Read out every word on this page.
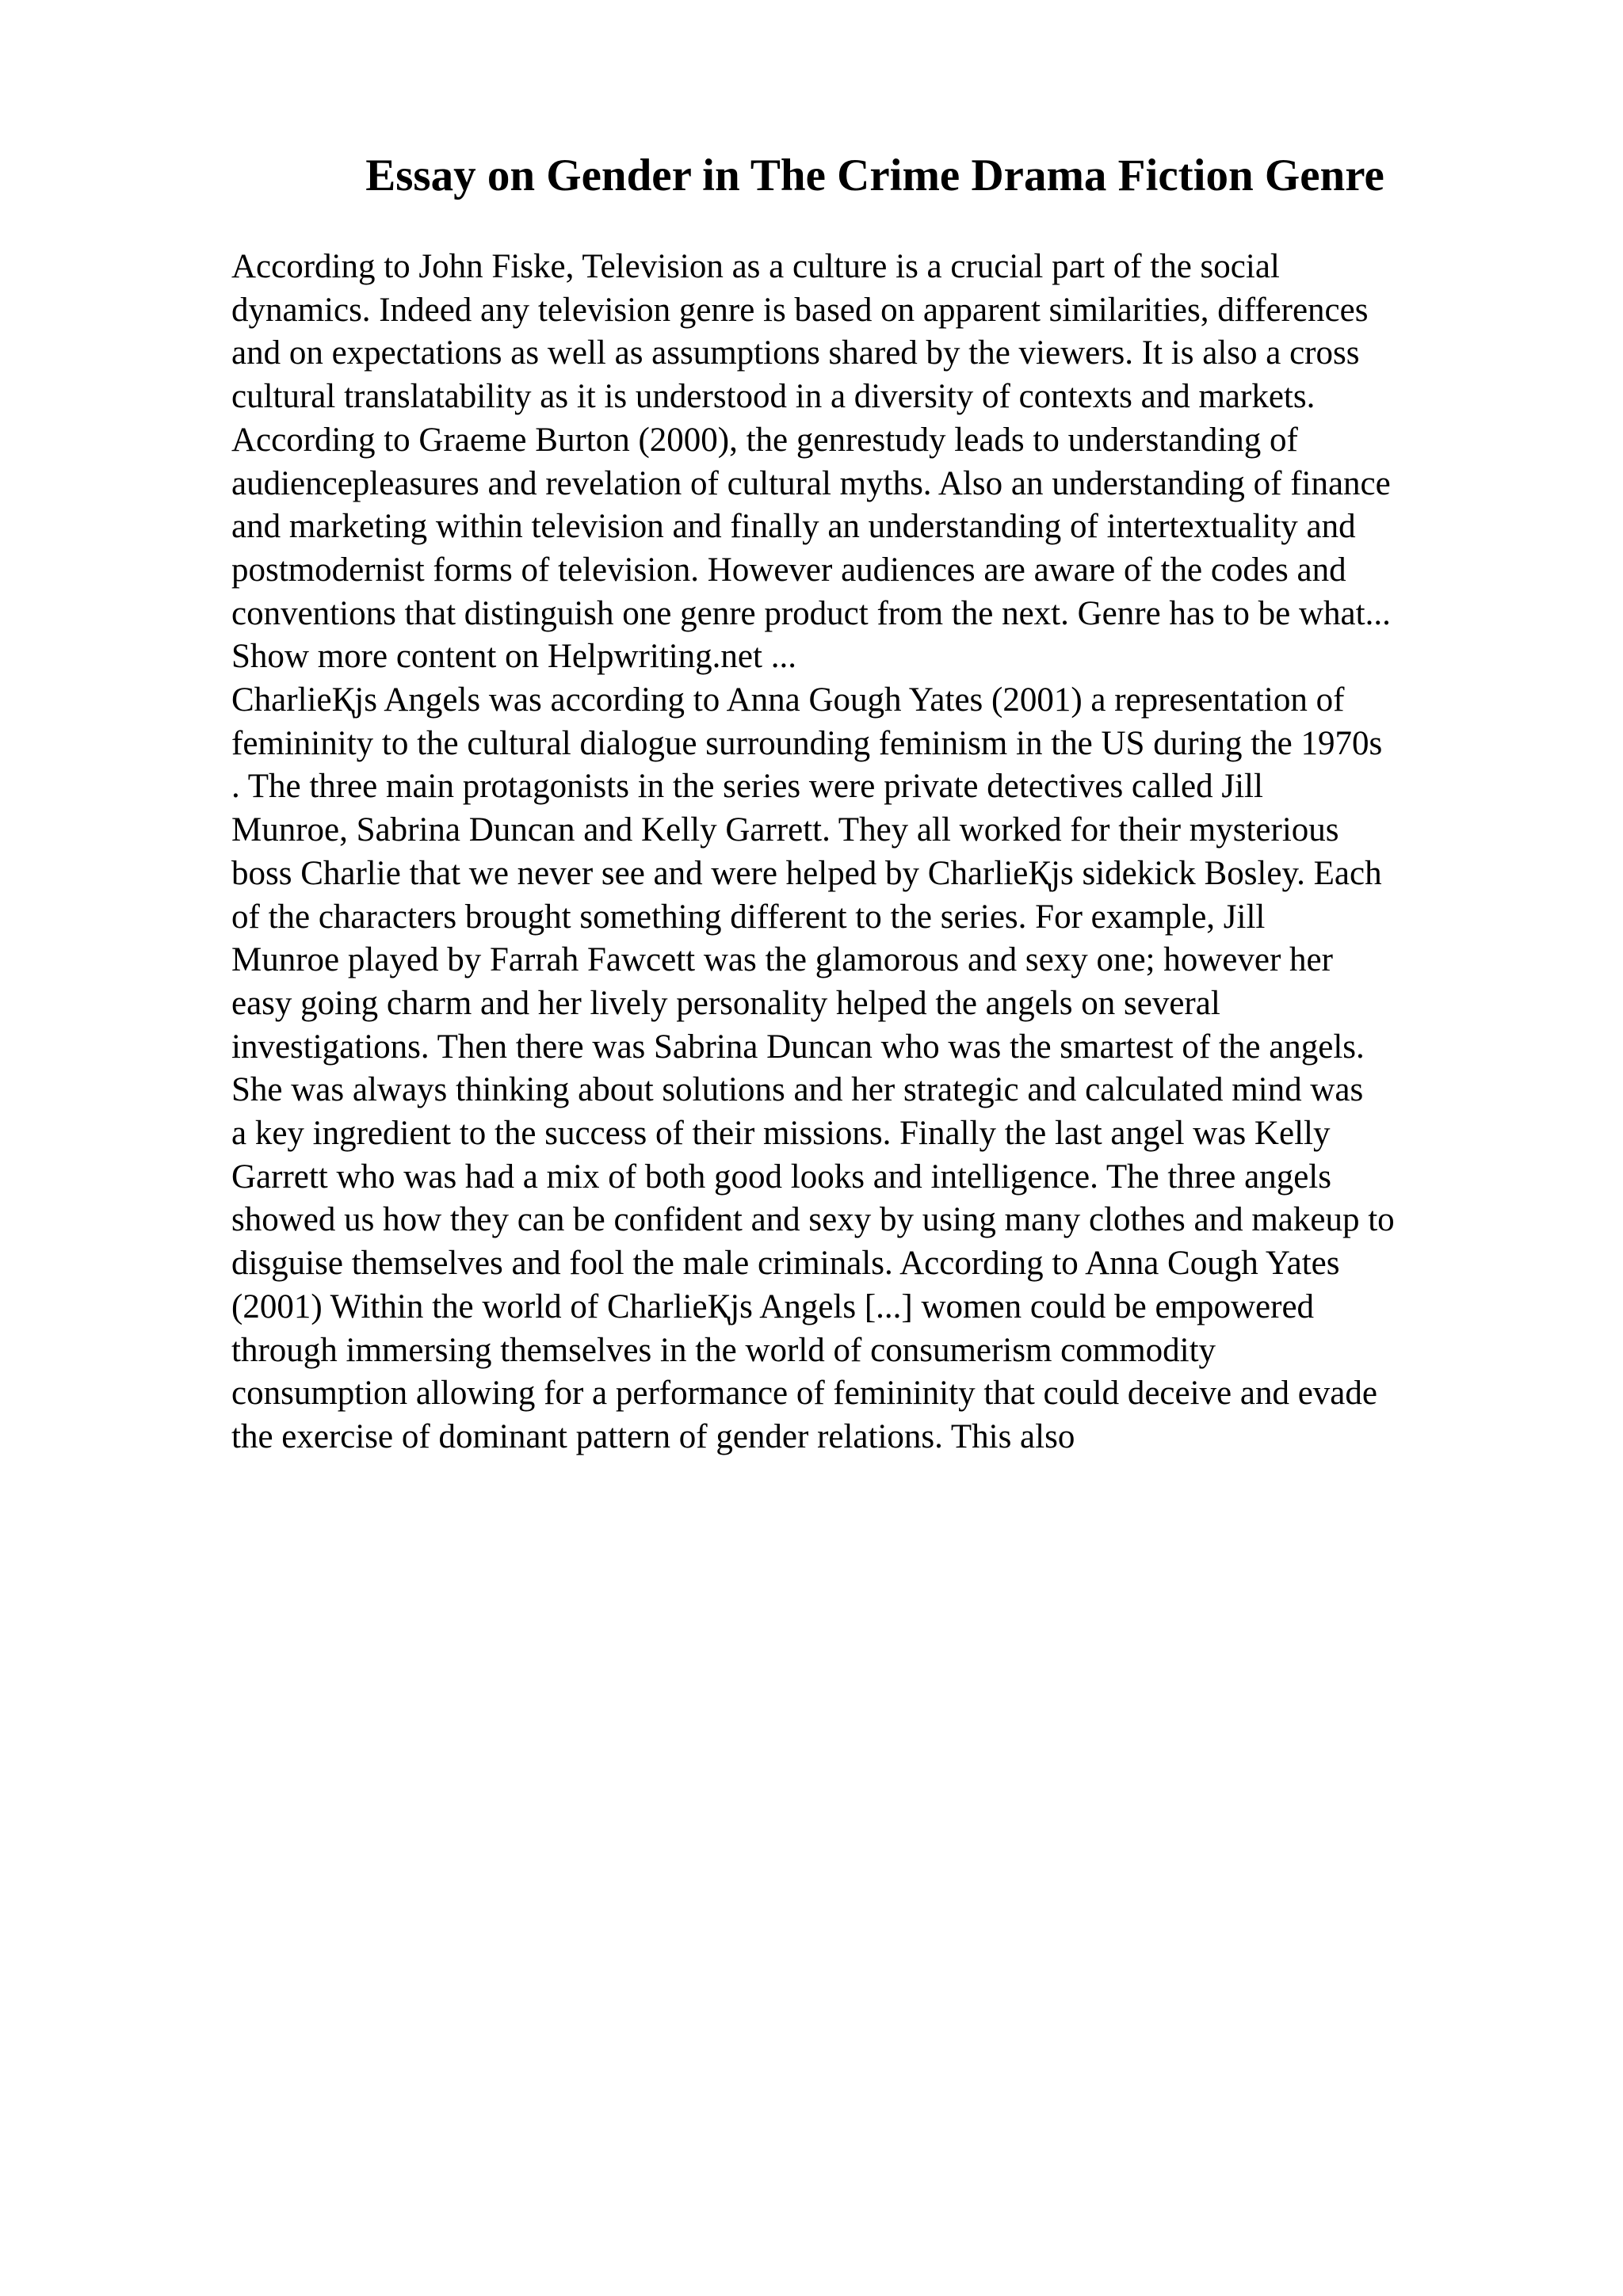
Essay on Gender in The Crime Drama Fiction Genre
According to John Fiske, Television as a culture is a crucial part of the social
dynamics. Indeed any television genre is based on apparent similarities, differences
and on expectations as well as assumptions shared by the viewers. It is also a cross
cultural translatability as it is understood in a diversity of contexts and markets.
According to Graeme Burton (2000), the genrestudy leads to understanding of
audiencepleasures and revelation of cultural myths. Also an understanding of finance
and marketing within television and finally an understanding of intertextuality and
postmodernist forms of television. However audiences are aware of the codes and
conventions that distinguish one genre product from the next. Genre has to be what...
Show more content on Helpwriting.net ...
CharlieҚjs Angels was according to Anna Gough Yates (2001) a representation of
femininity to the cultural dialogue surrounding feminism in the US during the 1970s
. The three main protagonists in the series were private detectives called Jill
Munroe, Sabrina Duncan and Kelly Garrett. They all worked for their mysterious
boss Charlie that we never see and were helped by CharlieҚjs sidekick Bosley. Each
of the characters brought something different to the series. For example, Jill
Munroe played by Farrah Fawcett was the glamorous and sexy one; however her
easy going charm and her lively personality helped the angels on several
investigations. Then there was Sabrina Duncan who was the smartest of the angels.
She was always thinking about solutions and her strategic and calculated mind was
a key ingredient to the success of their missions. Finally the last angel was Kelly
Garrett who was had a mix of both good looks and intelligence. The three angels
showed us how they can be confident and sexy by using many clothes and makeup to
disguise themselves and fool the male criminals. According to Anna Cough Yates
(2001) Within the world of CharlieҚjs Angels [...] women could be empowered
through immersing themselves in the world of consumerism commodity
consumption allowing for a performance of femininity that could deceive and evade
the exercise of dominant pattern of gender relations. This also
